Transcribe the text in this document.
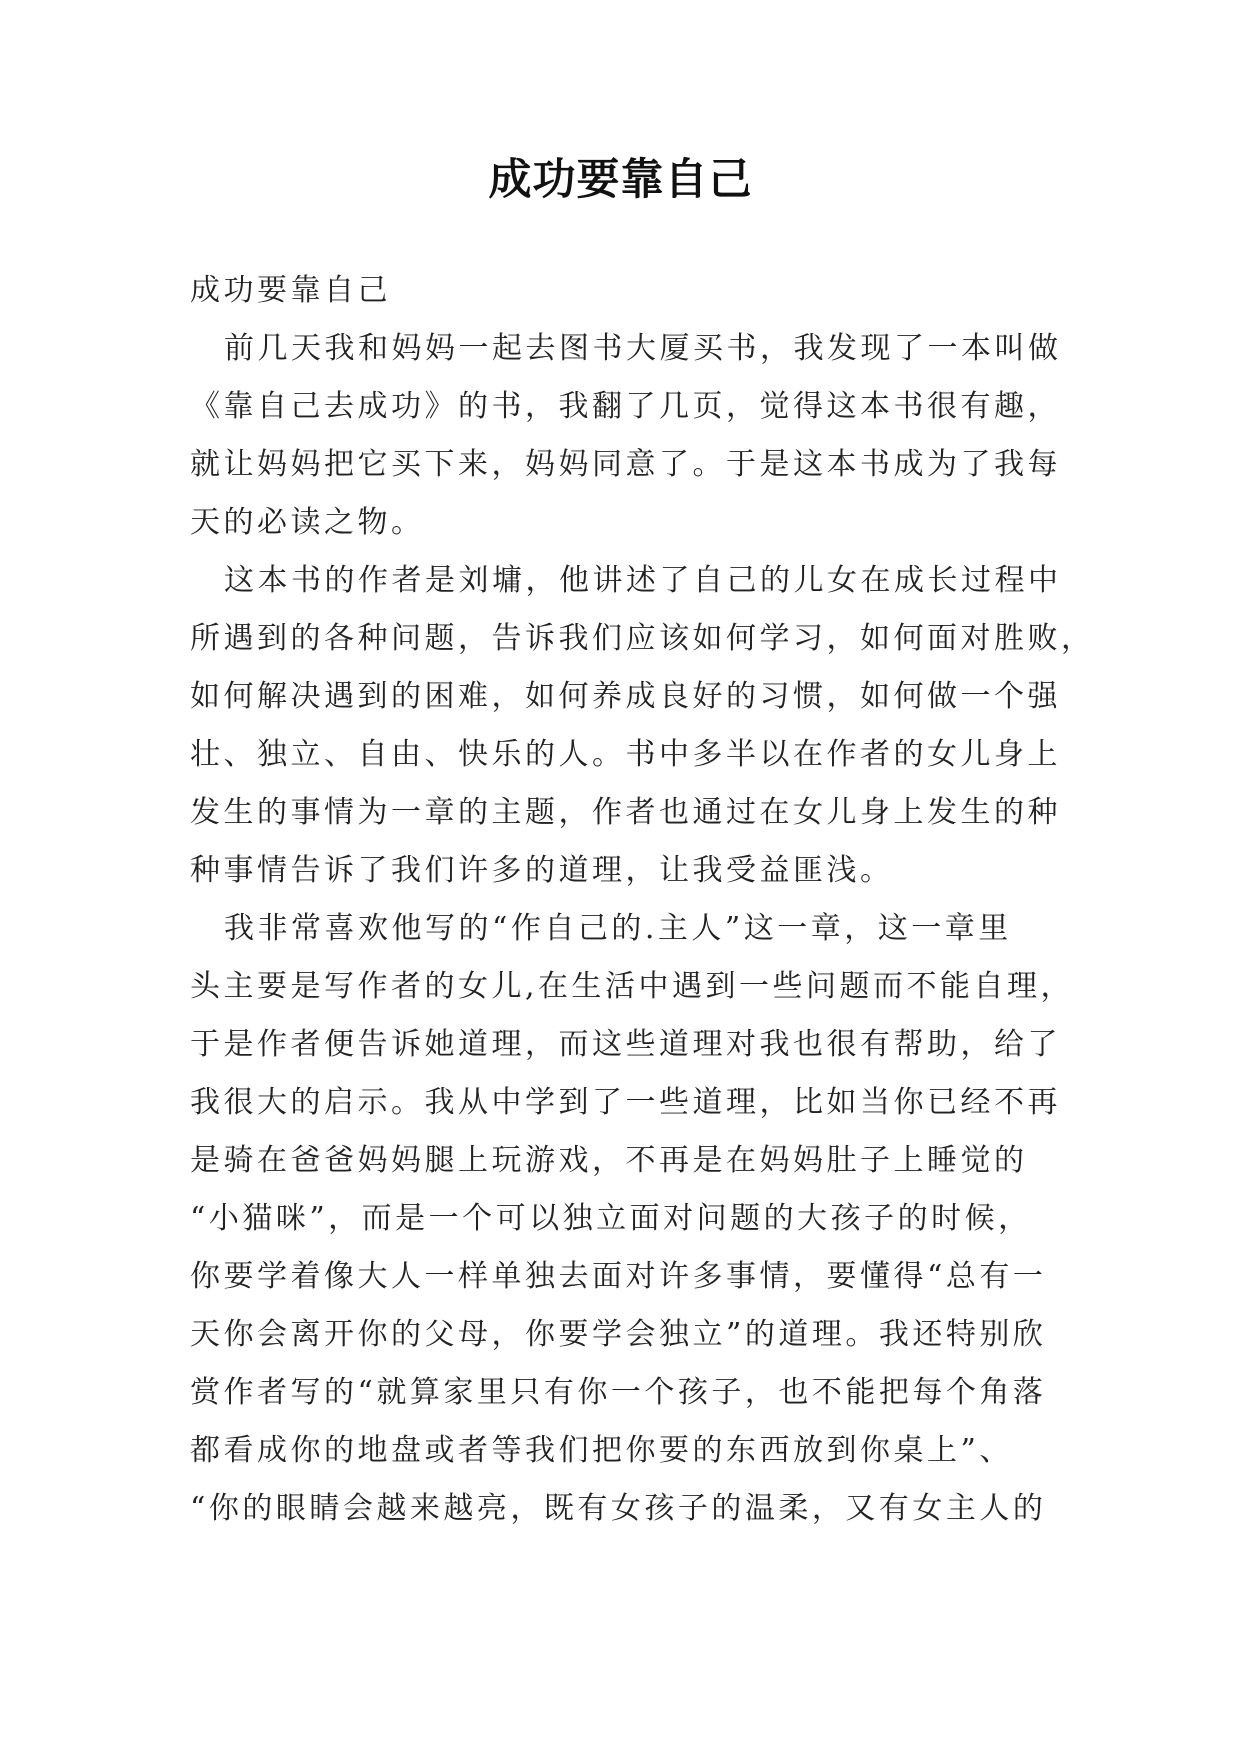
成功要靠自己
成功要靠自己
前几天我和妈妈一起去图书大厦买书，我发现了一本叫做
《靠自己去成功》的书，我翻了几页，觉得这本书很有趣，
就让妈妈把它买下来，妈妈同意了。于是这本书成为了我每
天的必读之物。
这本书的作者是刘墉，他讲述了自己的儿女在成长过程中
所遇到的各种问题，告诉我们应该如何学习，如何面对胜败，
如何解决遇到的困难，如何养成良好的习惯，如何做一个强
壮、独立、自由、快乐的人。书中多半以在作者的女儿身上
发生的事情为一章的主题，作者也通过在女儿身上发生的种
种事情告诉了我们许多的道理，让我受益匪浅。
我非常喜欢他写的“作自己的.主人”这一章，这一章里
头主要是写作者的女儿,在生活中遇到一些问题而不能自理，
于是作者便告诉她道理，而这些道理对我也很有帮助，给了
我很大的启示。我从中学到了一些道理，比如当你已经不再
是骑在爸爸妈妈腿上玩游戏，不再是在妈妈肚子上睡觉的
“小猫咪”，而是一个可以独立面对问题的大孩子的时候，
你要学着像大人一样单独去面对许多事情，要懂得“总有一
天你会离开你的父母，你要学会独立”的道理。我还特别欣
赏作者写的“就算家里只有你一个孩子，也不能把每个角落
都看成你的地盘或者等我们把你要的东西放到你桌上”、
“你的眼睛会越来越亮，既有女孩子的温柔，又有女主人的
